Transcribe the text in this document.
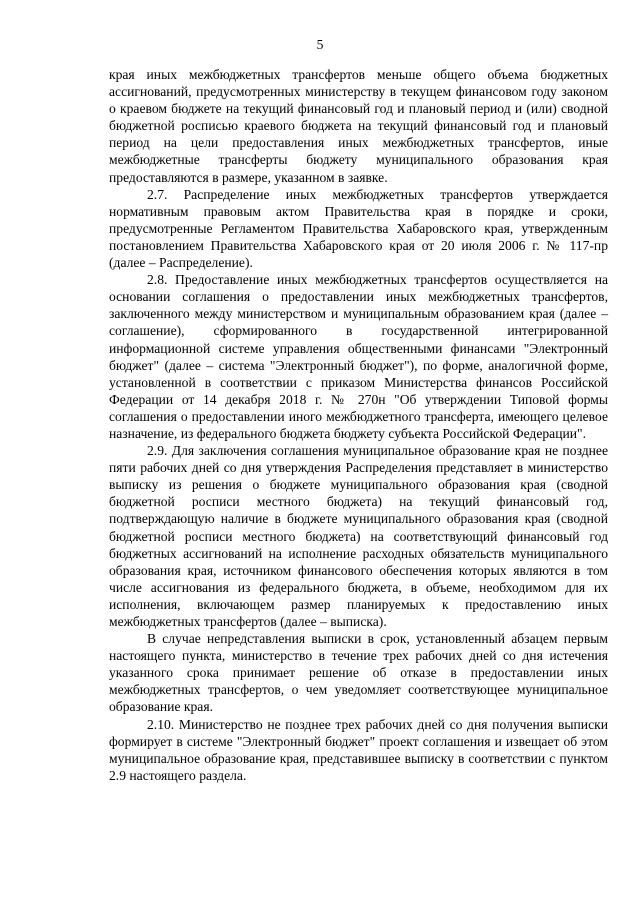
5

края иных межбюджетных трансфертов меньше общего объема бюджетных ассигнований, предусмотренных министерству в текущем финансовом году законом о краевом бюджете на текущий финансовый год и плановый период и (или) сводной бюджетной росписью краевого бюджета на текущий финансовый год и плановый период на цели предоставления иных межбюджетных трансфертов, иные межбюджетные трансферты бюджету муниципального образования края предоставляются в размере, указанном в заявке.

2.7. Распределение иных межбюджетных трансфертов утверждается нормативным правовым актом Правительства края в порядке и сроки, предусмотренные Регламентом Правительства Хабаровского края, утвержденным постановлением Правительства Хабаровского края от 20 июля 2006 г. № 117-пр (далее – Распределение).

2.8. Предоставление иных межбюджетных трансфертов осуществляется на основании соглашения о предоставлении иных межбюджетных трансфертов, заключенного между министерством и муниципальным образованием края (далее – соглашение), сформированного в государственной интегрированной информационной системе управления общественными финансами "Электронный бюджет" (далее – система "Электронный бюджет"), по форме, аналогичной форме, установленной в соответствии с приказом Министерства финансов Российской Федерации от 14 декабря 2018 г. № 270н "Об утверждении Типовой формы соглашения о предоставлении иного межбюджетного трансферта, имеющего целевое назначение, из федерального бюджета бюджету субъекта Российской Федерации".

2.9. Для заключения соглашения муниципальное образование края не позднее пяти рабочих дней со дня утверждения Распределения представляет в министерство выписку из решения о бюджете муниципального образования края (сводной бюджетной росписи местного бюджета) на текущий финансовый год, подтверждающую наличие в бюджете муниципального образования края (сводной бюджетной росписи местного бюджета) на соответствующий финансовый год бюджетных ассигнований на исполнение расходных обязательств муниципального образования края, источником финансового обеспечения которых являются в том числе ассигнования из федерального бюджета, в объеме, необходимом для их исполнения, включающем размер планируемых к предоставлению иных межбюджетных трансфертов (далее – выписка).

В случае непредставления выписки в срок, установленный абзацем первым настоящего пункта, министерство в течение трех рабочих дней со дня истечения указанного срока принимает решение об отказе в предоставлении иных межбюджетных трансфертов, о чем уведомляет соответствующее муниципальное образование края.

2.10. Министерство не позднее трех рабочих дней со дня получения выписки формирует в системе "Электронный бюджет" проект соглашения и извещает об этом муниципальное образование края, представившее выписку в соответствии с пунктом 2.9 настоящего раздела.
